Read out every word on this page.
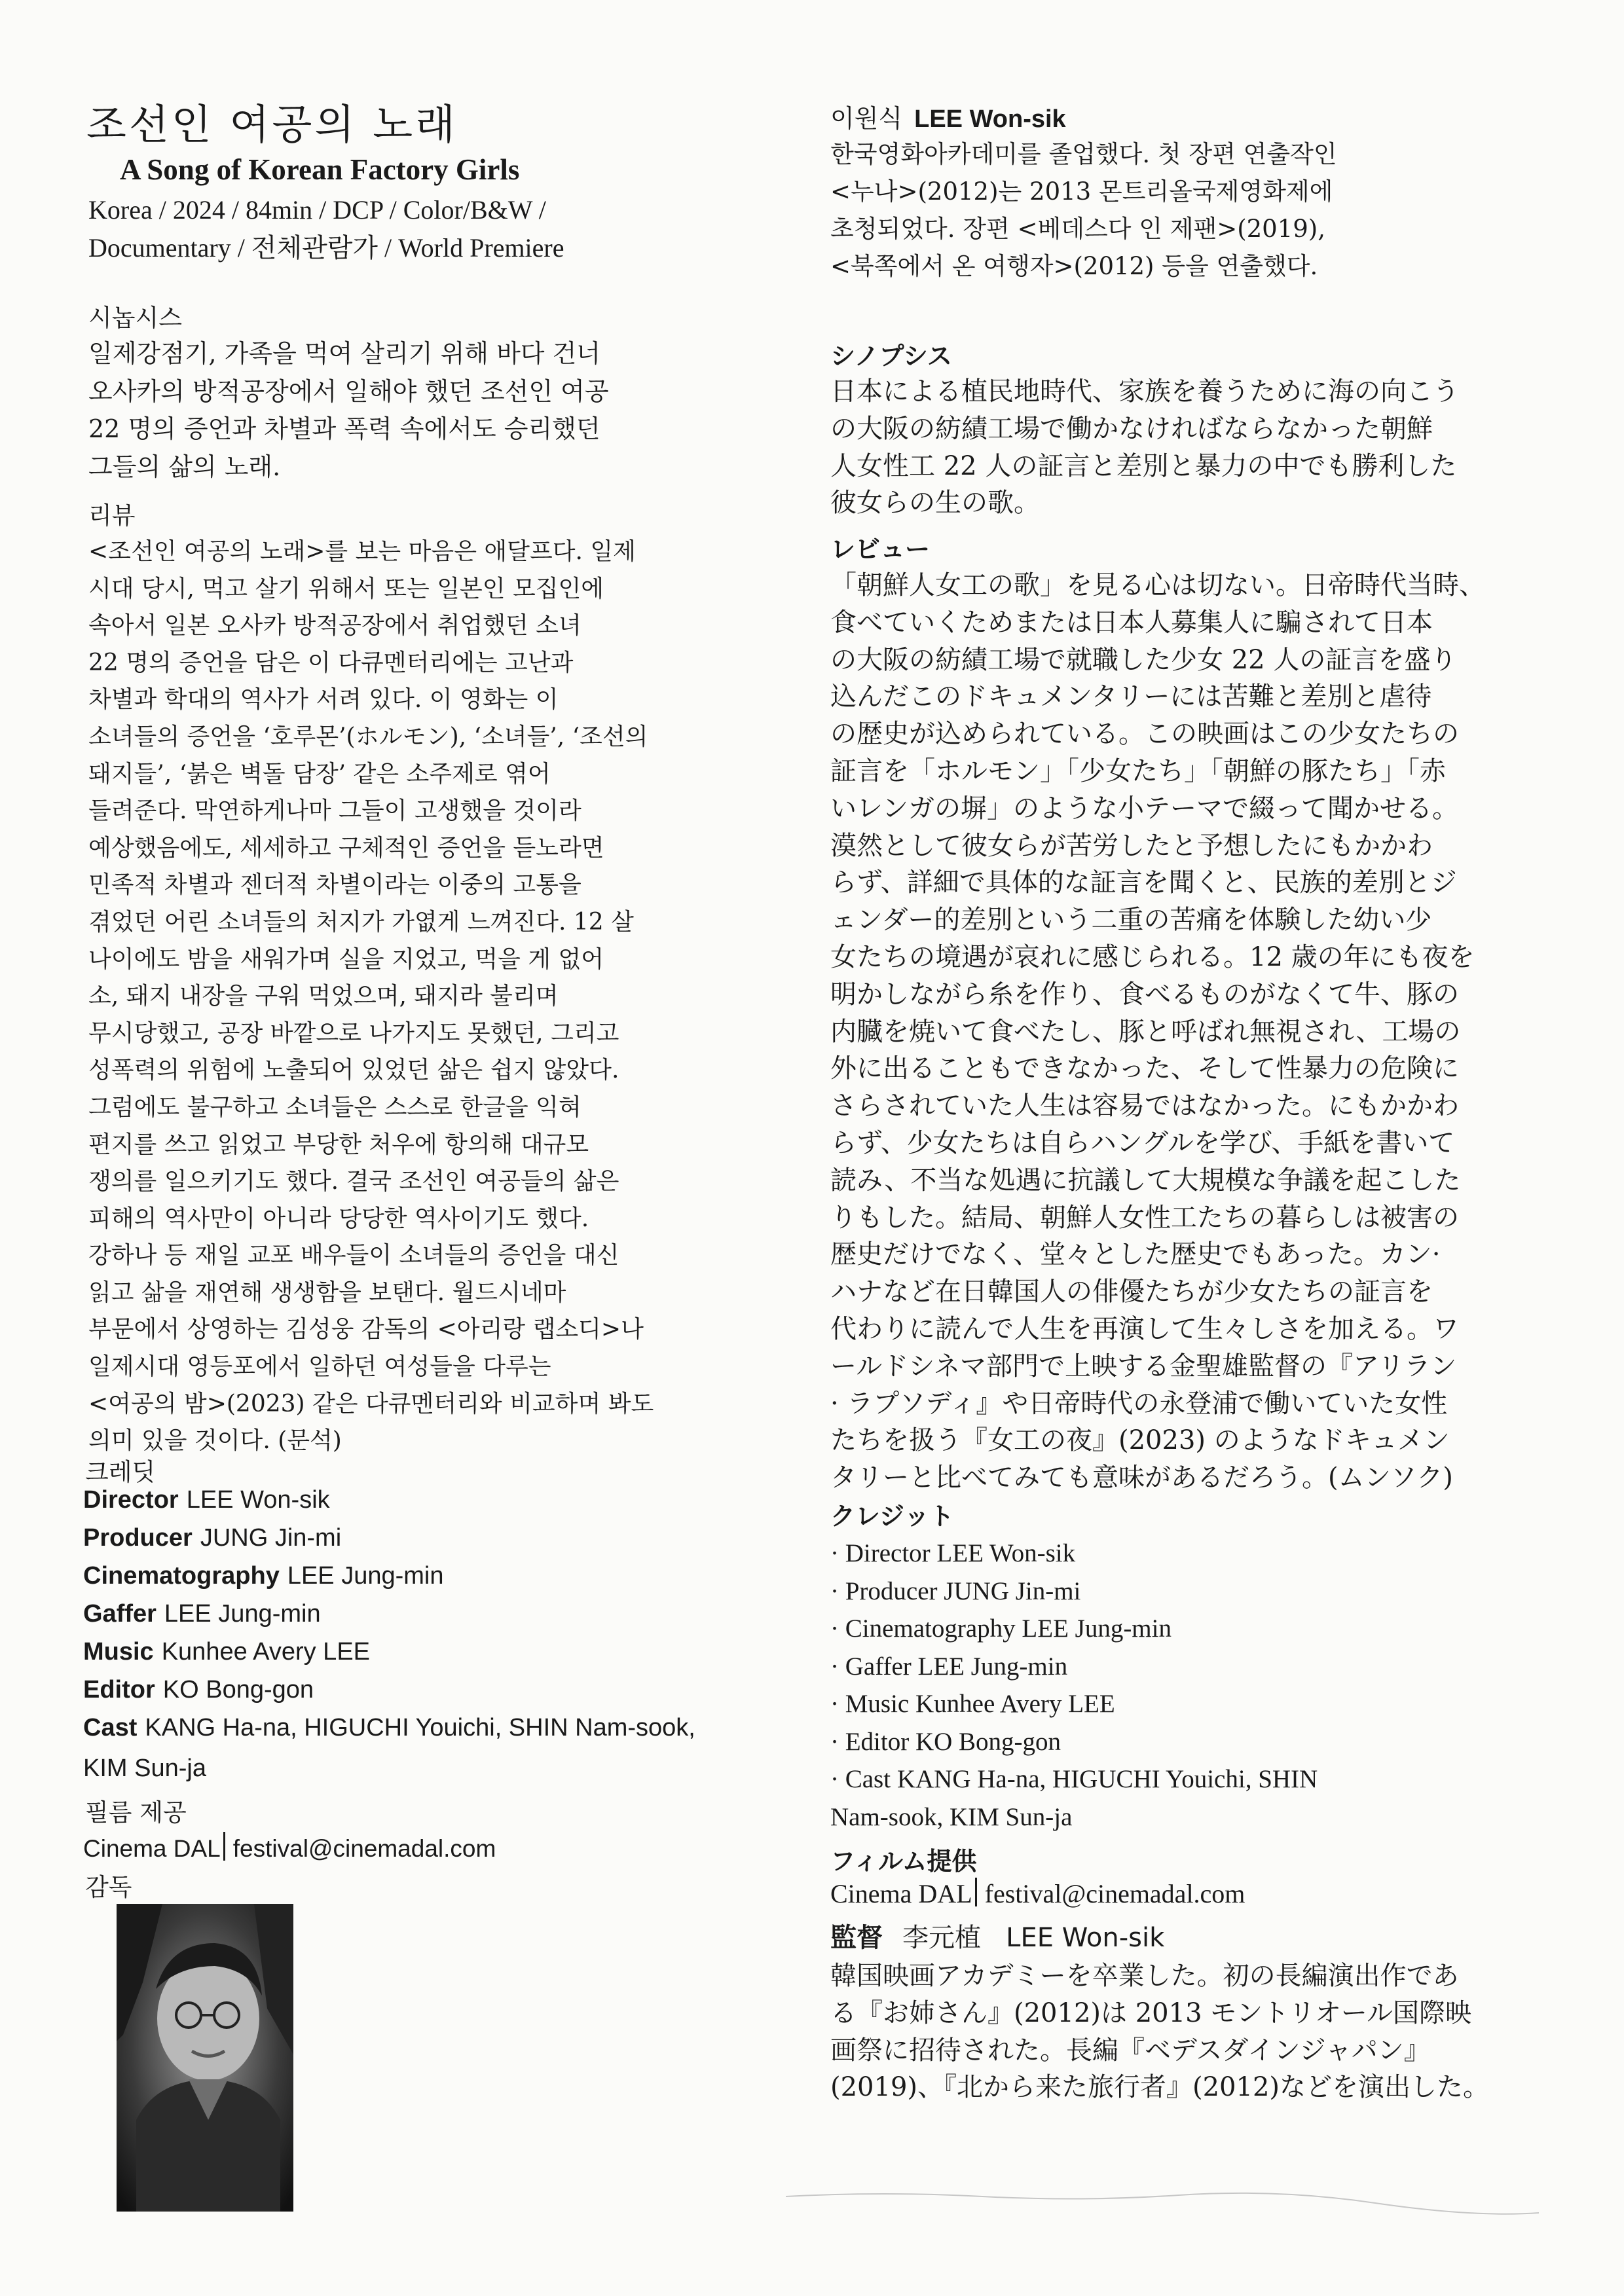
조선인 여공의 노래
A Song of Korean Factory Girls
Korea / 2024 / 84min / DCP / Color/B&W /
Documentary / 전체관람가 / World Premiere
시놉시스
일제강점기, 가족을 먹여 살리기 위해 바다 건너
오사카의 방적공장에서 일해야 했던 조선인 여공
22 명의 증언과 차별과 폭력 속에서도 승리했던
그들의 삶의 노래.
리뷰
<조선인 여공의 노래>를 보는 마음은 애달프다. 일제
시대 당시, 먹고 살기 위해서 또는 일본인 모집인에
속아서 일본 오사카 방적공장에서 취업했던 소녀
22 명의 증언을 담은 이 다큐멘터리에는 고난과
차별과 학대의 역사가 서려 있다. 이 영화는 이
소녀들의 증언을 ‘호루몬’(ホルモン), ‘소녀들’, ‘조선의
돼지들’, ‘붉은 벽돌 담장’ 같은 소주제로 엮어
들려준다. 막연하게나마 그들이 고생했을 것이라
예상했음에도, 세세하고 구체적인 증언을 듣노라면
민족적 차별과 젠더적 차별이라는 이중의 고통을
겪었던 어린 소녀들의 처지가 가엾게 느껴진다. 12 살
나이에도 밤을 새워가며 실을 지었고, 먹을 게 없어
소, 돼지 내장을 구워 먹었으며, 돼지라 불리며
무시당했고, 공장 바깥으로 나가지도 못했던, 그리고
성폭력의 위험에 노출되어 있었던 삶은 쉽지 않았다.
그럼에도 불구하고 소녀들은 스스로 한글을 익혀
편지를 쓰고 읽었고 부당한 처우에 항의해 대규모
쟁의를 일으키기도 했다. 결국 조선인 여공들의 삶은
피해의 역사만이 아니라 당당한 역사이기도 했다.
강하나 등 재일 교포 배우들이 소녀들의 증언을 대신
읽고 삶을 재연해 생생함을 보탠다. 월드시네마
부문에서 상영하는 김성웅 감독의 <아리랑 랩소디>나
일제시대 영등포에서 일하던 여성들을 다루는
<여공의 밤>(2023) 같은 다큐멘터리와 비교하며 봐도
의미 있을 것이다. (문석)
크레딧
Director LEE Won-sik
Producer JUNG Jin-mi
Cinematography LEE Jung-min
Gaffer LEE Jung-min
Music Kunhee Avery LEE
Editor KO Bong-gon
Cast KANG Ha-na, HIGUCHI Youichi, SHIN Nam-sook,
KIM Sun-ja
필름 제공
Cinema DAL festival@cinemadal.com
감독
이원식 LEE Won-sik
한국영화아카데미를 졸업했다. 첫 장편 연출작인
<누나>(2012)는 2013 몬트리올국제영화제에
초청되었다. 장편 <베데스다 인 제팬>(2019),
<북쪽에서 온 여행자>(2012) 등을 연출했다.
シノプシス
日本による植民地時代、家族を養うために海の向こう
の大阪の紡績工場で働かなければならなかった朝鮮
人女性工 22 人の証言と差別と暴力の中でも勝利した
彼女らの生の歌。
レビュー
「朝鮮人女工の歌」を見る心は切ない。日帝時代当時、
食べていくためまたは日本人募集人に騙されて日本
の大阪の紡績工場で就職した少女 22 人の証言を盛り
込んだこのドキュメンタリーには苦難と差別と虐待
の歴史が込められている。この映画はこの少女たちの
証言を「ホルモン」「少女たち」「朝鮮の豚たち」「赤
いレンガの塀」のような小テーマで綴って聞かせる。
漠然として彼女らが苦労したと予想したにもかかわ
らず、詳細で具体的な証言を聞くと、民族的差別とジ
ェンダー的差別という二重の苦痛を体験した幼い少
女たちの境遇が哀れに感じられる。12 歳の年にも夜を
明かしながら糸を作り、食べるものがなくて牛、豚の
内臓を焼いて食べたし、豚と呼ばれ無視され、工場の
外に出ることもできなかった、そして性暴力の危険に
さらされていた人生は容易ではなかった。にもかかわ
らず、少女たちは自らハングルを学び、手紙を書いて
読み、不当な処遇に抗議して大規模な争議を起こした
りもした。結局、朝鮮人女性工たちの暮らしは被害の
歴史だけでなく、堂々とした歴史でもあった。カン·
ハナなど在日韓国人の俳優たちが少女たちの証言を
代わりに読んで人生を再演して生々しさを加える。ワ
ールドシネマ部門で上映する金聖雄監督の『アリラン
· ラプソディ』や日帝時代の永登浦で働いていた女性
たちを扱う『女工の夜』(2023) のようなドキュメン
タリーと比べてみても意味があるだろう。(ムンソク)
クレジット
· Director LEE Won-sik
· Producer JUNG Jin-mi
· Cinematography LEE Jung-min
· Gaffer LEE Jung-min
· Music Kunhee Avery LEE
· Editor KO Bong-gon
· Cast KANG Ha-na, HIGUCHI Youichi, SHIN
Nam-sook, KIM Sun-ja
フィルム提供
Cinema DAL festival@cinemadal.com
監督 李元植 LEE Won-sik
韓国映画アカデミーを卒業した。初の長編演出作であ
る『お姉さん』(2012)は 2013 モントリオール国際映
画祭に招待された。長編『ベデスダインジャパン』
(2019)、『北から来た旅行者』(2012)などを演出した。
